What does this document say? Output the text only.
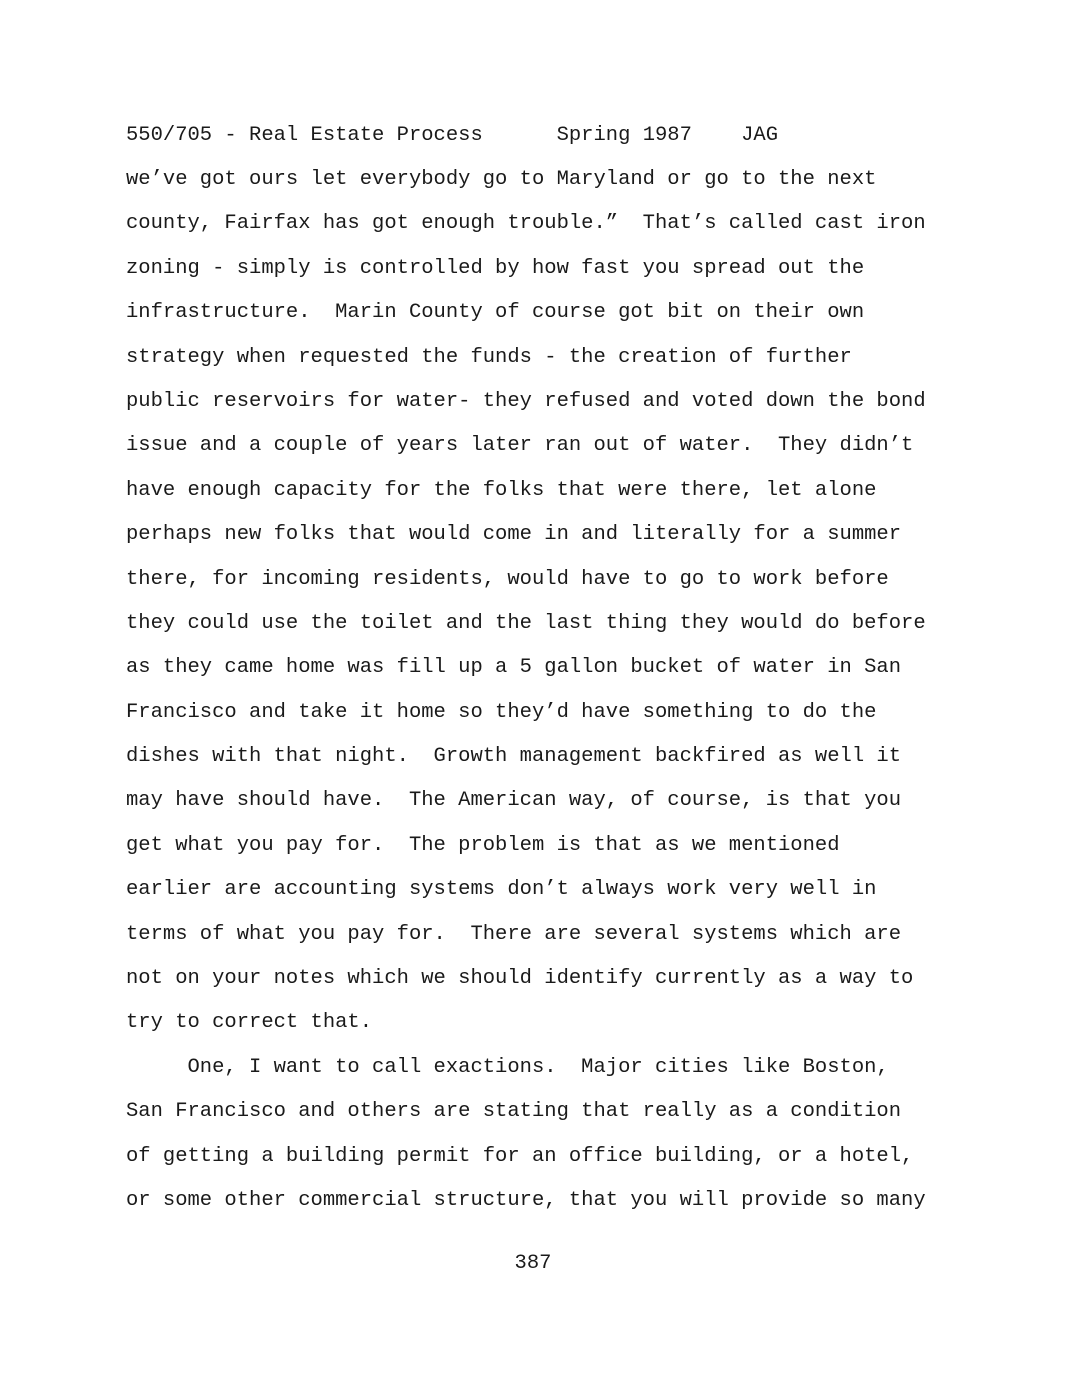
550/705 - Real Estate Process	Spring 1987 JAG
we’ve got ours let everybody go to Maryland or go to the next
county, Fairfax has got enough trouble.”  That’s called cast iron
zoning - simply is controlled by how fast you spread out the
infrastructure.  Marin County of course got bit on their own
strategy when requested the funds - the creation of further
public reservoirs for water- they refused and voted down the bond
issue and a couple of years later ran out of water.  They didn’t
have enough capacity for the folks that were there, let alone
perhaps new folks that would come in and literally for a summer
there, for incoming residents, would have to go to work before
they could use the toilet and the last thing they would do before
as they came home was fill up a 5 gallon bucket of water in San
Francisco and take it home so they’d have something to do the
dishes with that night.  Growth management backfired as well it
may have should have.  The American way, of course, is that you
get what you pay for.  The problem is that as we mentioned
earlier are accounting systems don’t always work very well in
terms of what you pay for.  There are several systems which are
not on your notes which we should identify currently as a way to
try to correct that.
One, I want to call exactions.  Major cities like Boston,
San Francisco and others are stating that really as a condition
of getting a building permit for an office building, or a hotel,
or some other commercial structure, that you will provide so many
387
